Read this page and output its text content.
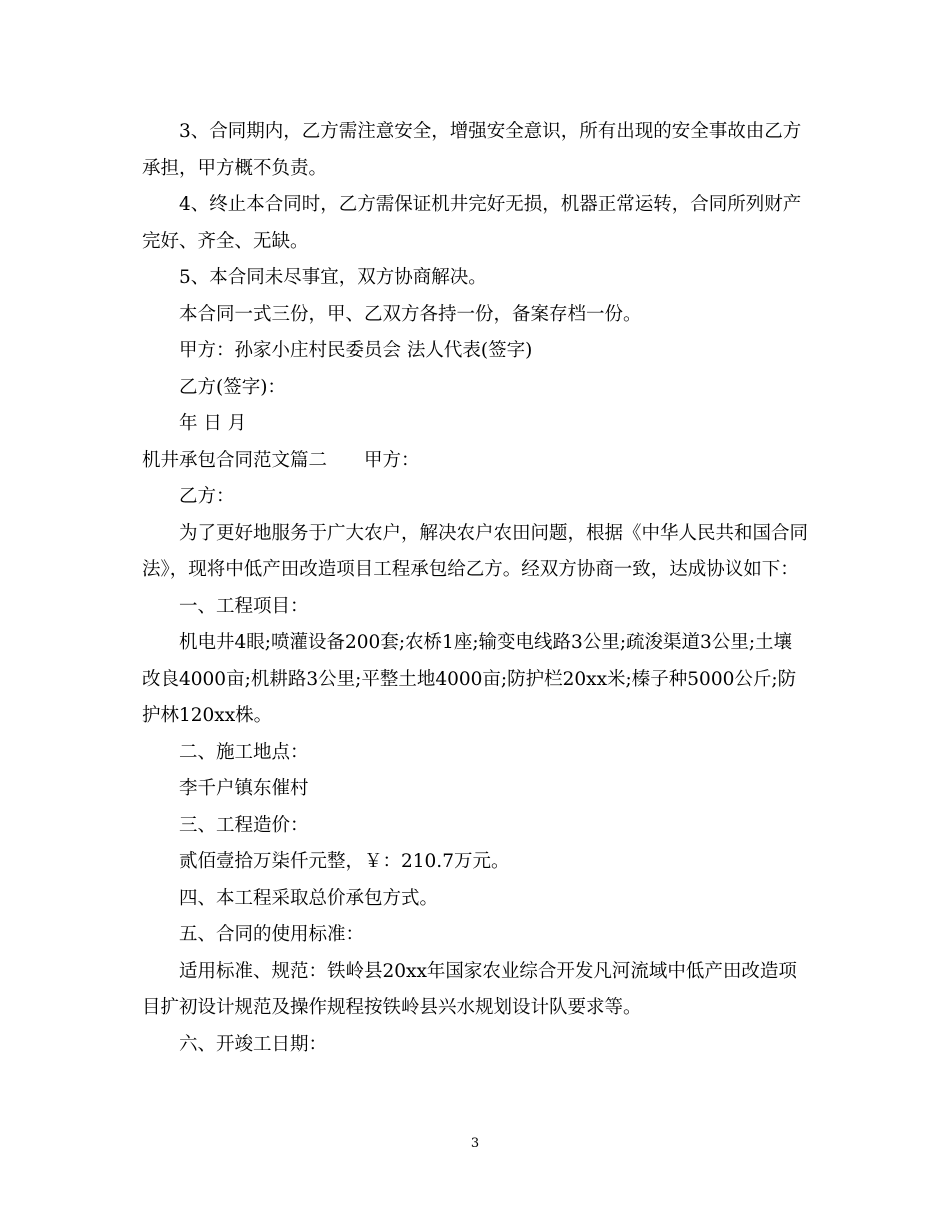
3、合同期内，乙方需注意安全，增强安全意识，所有出现的安全事故由乙方承担，甲方概不负责。

4、终止本合同时，乙方需保证机井完好无损，机器正常运转，合同所列财产完好、齐全、无缺。

5、本合同未尽事宜，双方协商解决。

本合同一式三份，甲、乙双方各持一份，备案存档一份。

甲方：孙家小庄村民委员会 法人代表(签字)

乙方(签字)：

年 日 月

机井承包合同范文篇二 甲方：

乙方：

为了更好地服务于广大农户，解决农户农田问题，根据《中华人民共和国合同法》，现将中低产田改造项目工程承包给乙方。经双方协商一致，达成协议如下：

一、工程项目：

机电井4眼;喷灌设备200套;农桥1座;输变电线路3公里;疏浚渠道3公里;土壤改良4000亩;机耕路3公里;平整土地4000亩;防护栏20xx米;榛子种5000公斤;防护林120xx株。

二、施工地点：

李千户镇东催村

三、工程造价：

贰佰壹拾万柒仟元整，￥：210.7万元。

四、本工程采取总价承包方式。

五、合同的使用标准：

适用标准、规范：铁岭县20xx年国家农业综合开发凡河流域中低产田改造项目扩初设计规范及操作规程按铁岭县兴水规划设计队要求等。

六、开竣工日期：

3
